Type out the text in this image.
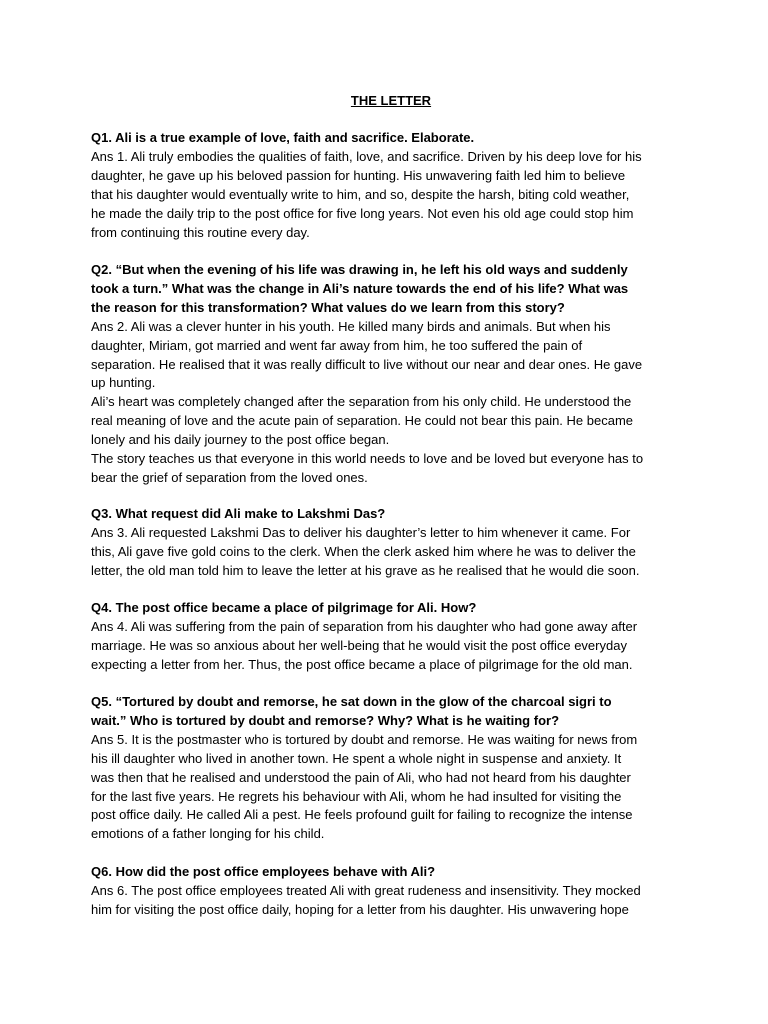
THE LETTER
Q1. Ali is a true example of love, faith and sacrifice. Elaborate.
Ans 1. Ali truly embodies the qualities of faith, love, and sacrifice. Driven by his deep love for his
daughter, he gave up his beloved passion for hunting. His unwavering faith led him to believe
that his daughter would eventually write to him, and so, despite the harsh, biting cold weather,
he made the daily trip to the post office for five long years. Not even his old age could stop him
from continuing this routine every day.
Q2. “But when the evening of his life was drawing in, he left his old ways and suddenly
took a turn.” What was the change in Ali’s nature towards the end of his life? What was
the reason for this transformation? What values do we learn from this story?
Ans 2. Ali was a clever hunter in his youth. He killed many birds and animals. But when his
daughter, Miriam, got married and went far away from him, he too suffered the pain of
separation. He realised that it was really difficult to live without our near and dear ones. He gave
up hunting.
Ali’s heart was completely changed after the separation from his only child. He understood the
real meaning of love and the acute pain of separation. He could not bear this pain. He became
lonely and his daily journey to the post office began.
The story teaches us that everyone in this world needs to love and be loved but everyone has to
bear the grief of separation from the loved ones.
Q3. What request did Ali make to Lakshmi Das?
Ans 3. Ali requested Lakshmi Das to deliver his daughter’s letter to him whenever it came. For
this, Ali gave five gold coins to the clerk. When the clerk asked him where he was to deliver the
letter, the old man told him to leave the letter at his grave as he realised that he would die soon.
Q4. The post office became a place of pilgrimage for Ali. How?
Ans 4. Ali was suffering from the pain of separation from his daughter who had gone away after
marriage. He was so anxious about her well-being that he would visit the post office everyday
expecting a letter from her. Thus, the post office became a place of pilgrimage for the old man.
Q5. “Tortured by doubt and remorse, he sat down in the glow of the charcoal sigri to
wait.” Who is tortured by doubt and remorse? Why? What is he waiting for?
Ans 5. It is the postmaster who is tortured by doubt and remorse. He was waiting for news from
his ill daughter who lived in another town. He spent a whole night in suspense and anxiety. It
was then that he realised and understood the pain of Ali, who had not heard from his daughter
for the last five years. He regrets his behaviour with Ali, whom he had insulted for visiting the
post office daily. He called Ali a pest. He feels profound guilt for failing to recognize the intense
emotions of a father longing for his child.
Q6. How did the post office employees behave with Ali?
Ans 6. The post office employees treated Ali with great rudeness and insensitivity. They mocked
him for visiting the post office daily, hoping for a letter from his daughter. His unwavering hope
